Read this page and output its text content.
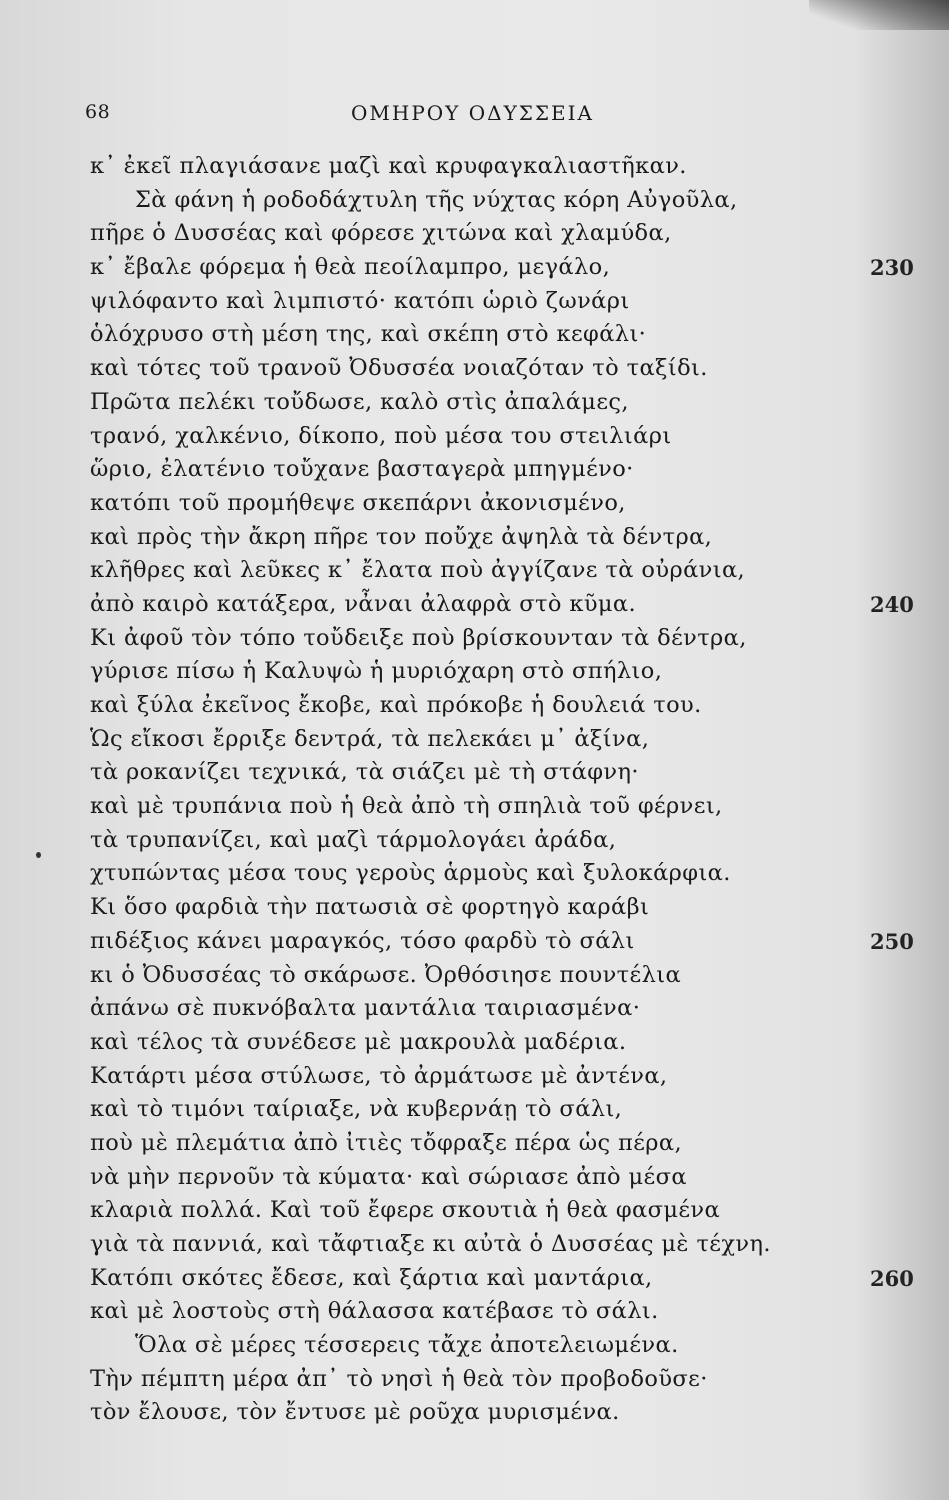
68	ΟΜΗΡΟΥ ΟΔΥΣΣΕΙΑ
κ᾽ ἐκεῖ πλαγιάσανε μαζὶ καὶ κρυφαγκαλιαστῆκαν.
Σὰ φάνη ἡ ροδοδάχτυλη τῆς νύχτας κόρη Αὐγοῦλα,
πῆρε ὁ Δυσσέας καὶ φόρεσε χιτώνα καὶ χλαμύδα,
κ᾽ ἔβαλε φόρεμα ἡ θεὰ πεοίλαμπρο, μεγάλο,	230
ψιλόφαντο καὶ λιμπιστό· κατόπι ὡριὸ ζωνάρι
ὁλόχρυσο στὴ μέση της, καὶ σκέπη στὸ κεφάλι·
καὶ τότες τοῦ τρανοῦ Ὀδυσσέα νοιαζόταν τὸ ταξίδι.
Πρῶτα πελέκι τοὔδωσε, καλὸ στὶς ἀπαλάμες,
τρανό, χαλκένιο, δίκοπο, ποὺ μέσα του στειλιάρι
ὥριο, ἐλατένιο τοὔχανε βασταγερὰ μπηγμένο·
κατόπι τοῦ προμήθεψε σκεπάρνι ἀκονισμένο,
καὶ πρὸς τὴν ἄκρη πῆρε τον ποὔχε ἀψηλὰ τὰ δέντρα,
κλῆθρες καὶ λεῦκες κ᾽ ἔλατα ποὺ ἀγγίζανε τὰ οὐράνια,
ἀπὸ καιρὸ κατάξερα, νἆναι ἀλαφρὰ στὸ κῦμα.	240
Κι ἀφοῦ τὸν τόπο τοὔδειξε ποὺ βρίσκουνταν τὰ δέντρα,
γύρισε πίσω ἡ Καλυψὼ ἡ μυριόχαρη στὸ σπήλιο,
καὶ ξύλα ἐκεῖνος ἔκοβε, καὶ πρόκοβε ἡ δουλειά του.
Ὡς εἴκοσι ἔρριξε δεντρά, τὰ πελεκάει μ᾽ ἀξίνα,
τὰ ροκανίζει τεχνικά, τὰ σιάζει μὲ τὴ στάφνη·
καὶ μὲ τρυπάνια ποὺ ἡ θεὰ ἀπὸ τὴ σπηλιὰ τοῦ φέρνει,
τὰ τρυπανίζει, καὶ μαζὶ τάρμολογάει ἀράδα,
χτυπώντας μέσα τους γεροὺς ἁρμοὺς καὶ ξυλοκάρφια.
Κι ὅσο φαρδιὰ τὴν πατωσιὰ σὲ φορτηγὸ καράβι
πιδέξιος κάνει μαραγκός, τόσο φαρδὺ τὸ σάλι	250
κι ὁ Ὀδυσσέας τὸ σκάρωσε. Ὀρθόσιησε πουντέλια
ἀπάνω σὲ πυκνόβαλτα μαντάλια ταιριασμένα·
καὶ τέλος τὰ συνέδεσε μὲ μακρουλὰ μαδέρια.
Κατάρτι μέσα στύλωσε, τὸ ἀρμάτωσε μὲ ἀντένα,
καὶ τὸ τιμόνι ταίριαξε, νὰ κυβερνάῃ τὸ σάλι,
ποὺ μὲ πλεμάτια ἀπὸ ἰτιὲς τὄφραξε πέρα ὡς πέρα,
νὰ μὴν περνοῦν τὰ κύματα· καὶ σώριασε ἀπὸ μέσα
κλαριὰ πολλά. Καὶ τοῦ ἔφερε σκουτιὰ ἡ θεὰ φασμένα
γιὰ τὰ παννιά, καὶ τἄφτιαξε κι αὐτὰ ὁ Δυσσέας μὲ τέχνη.
Κατόπι σκότες ἔδεσε, καὶ ξάρτια καὶ μαντάρια,	260
καὶ μὲ λοστοὺς στὴ θάλασσα κατέβασε τὸ σάλι.
Ὅλα σὲ μέρες τέσσερεις τἄχε ἀποτελειωμένα.
Τὴν πέμπτη μέρα ἀπ᾽ τὸ νησὶ ἡ θεὰ τὸν προβοδοῦσε·
τὸν ἔλουσε, τὸν ἔντυσε μὲ ροῦχα μυρισμένα.
